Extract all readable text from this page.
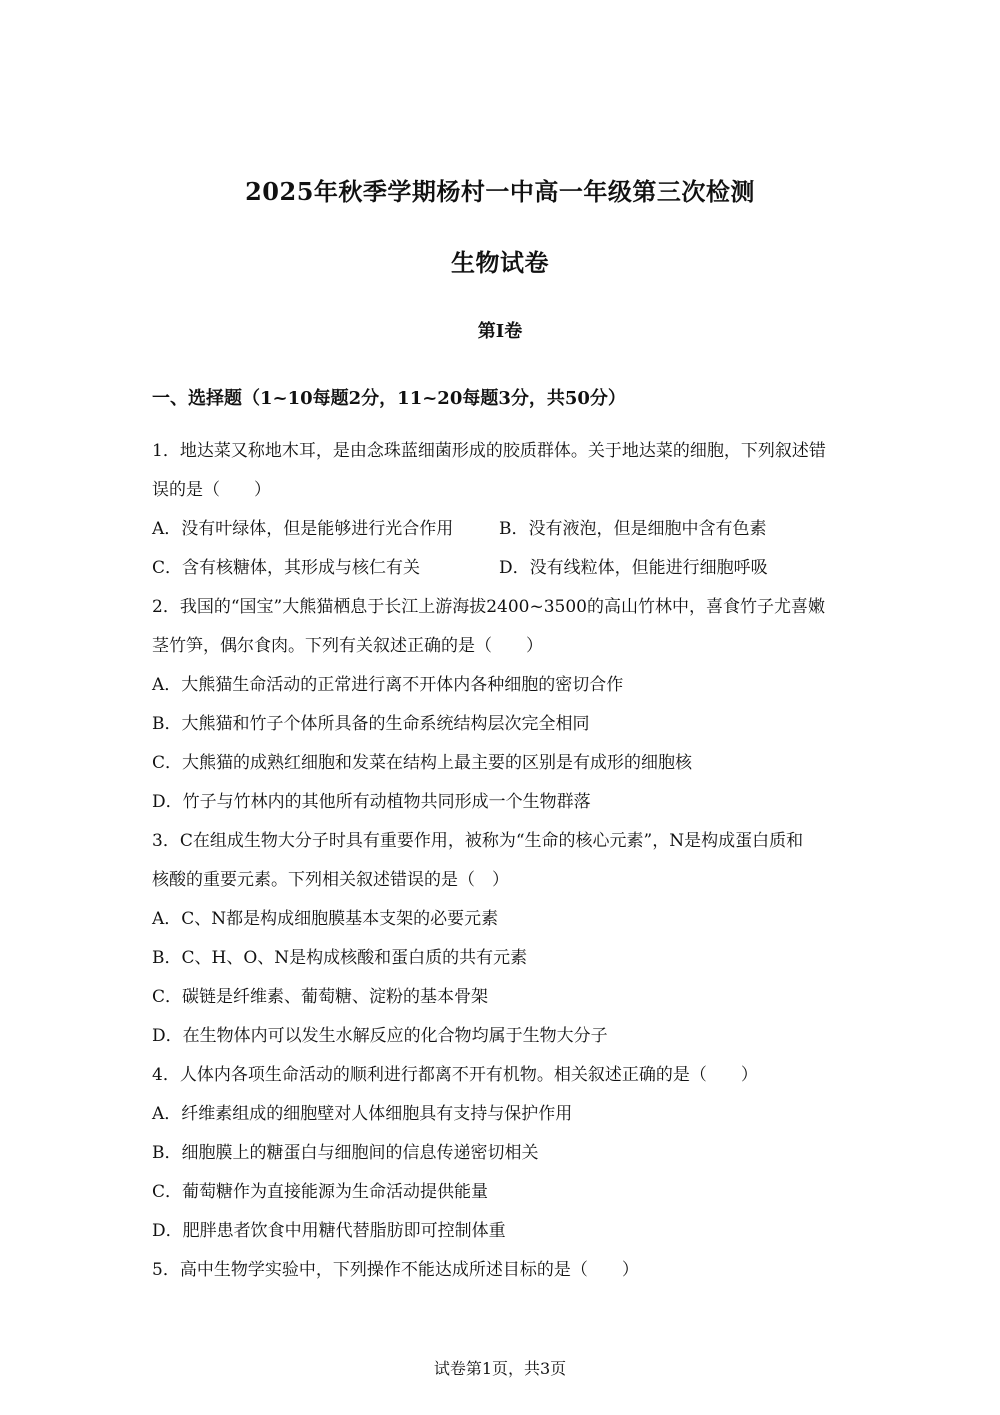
2025年秋季学期杨村一中高一年级第三次检测
生物试卷
第I卷
一、选择题（1~10每题2分，11~20每题3分，共50分）
1．地达菜又称地木耳，是由念珠蓝细菌形成的胶质群体。关于地达菜的细胞，下列叙述错
误的是（　　）
A．没有叶绿体，但是能够进行光合作用	B．没有液泡，但是细胞中含有色素
C．含有核糖体，其形成与核仁有关	D．没有线粒体，但能进行细胞呼吸
2．我国的“国宝”大熊猫栖息于长江上游海拔2400~3500的高山竹林中，喜食竹子尤喜嫩
茎竹笋，偶尔食肉。下列有关叙述正确的是（　　）
A．大熊猫生命活动的正常进行离不开体内各种细胞的密切合作
B．大熊猫和竹子个体所具备的生命系统结构层次完全相同
C．大熊猫的成熟红细胞和发菜在结构上最主要的区别是有成形的细胞核
D．竹子与竹林内的其他所有动植物共同形成一个生物群落
3．C在组成生物大分子时具有重要作用，被称为“生命的核心元素”，N是构成蛋白质和
核酸的重要元素。下列相关叙述错误的是（　）
A．C、N都是构成细胞膜基本支架的必要元素
B．C、H、O、N是构成核酸和蛋白质的共有元素
C．碳链是纤维素、葡萄糖、淀粉的基本骨架
D．在生物体内可以发生水解反应的化合物均属于生物大分子
4．人体内各项生命活动的顺利进行都离不开有机物。相关叙述正确的是（　　）
A．纤维素组成的细胞壁对人体细胞具有支持与保护作用
B．细胞膜上的糖蛋白与细胞间的信息传递密切相关
C．葡萄糖作为直接能源为生命活动提供能量
D．肥胖患者饮食中用糖代替脂肪即可控制体重
5．高中生物学实验中，下列操作不能达成所述目标的是（　　）
试卷第1页，共3页
